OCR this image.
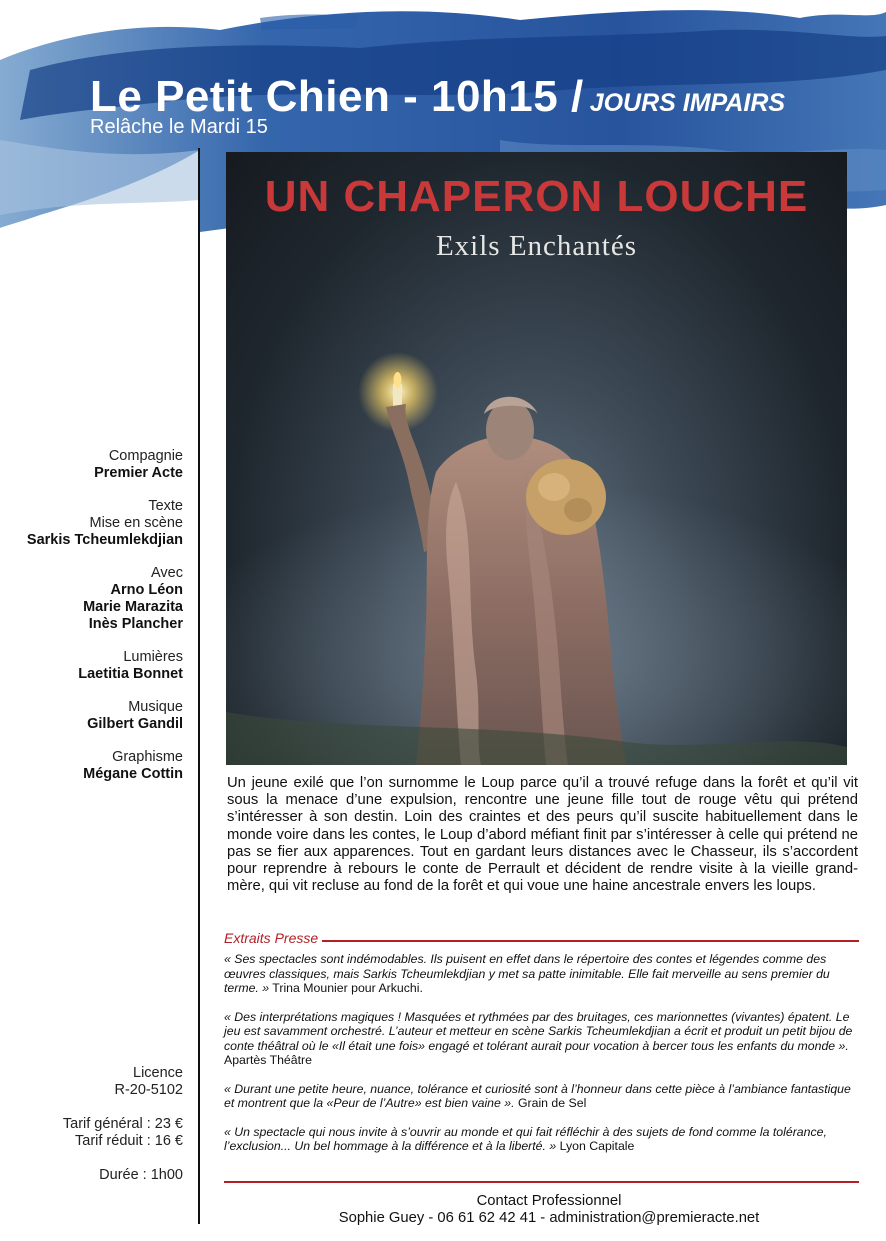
Le Petit Chien - 10h15 / JOURS IMPAIRS
Relâche le Mardi 15
UN CHAPERON LOUCHE
Exils Enchantés
Compagnie
Premier Acte
Texte
Mise en scène
Sarkis Tcheumlekdjian
Avec
Arno Léon
Marie Marazita
Inès Plancher
Lumières
Laetitia Bonnet
Musique
Gilbert Gandil
Graphisme
Mégane Cottin
Licence
R-20-5102
Tarif général : 23 €
Tarif réduit : 16 €
Durée : 1h00
Un jeune exilé que l’on surnomme le Loup parce qu’il a trouvé refuge dans la forêt et qu’il vit sous la menace d’une expulsion, rencontre une jeune fille tout de rouge vêtu qui prétend s’intéresser à son destin. Loin des craintes et des peurs qu’il suscite habituellement dans le monde voire dans les contes, le Loup d’abord méfiant finit par s’intéresser à celle qui prétend ne pas se fier aux apparences. Tout en gardant leurs distances avec le Chasseur, ils s’accordent pour reprendre à rebours le conte de Perrault et décident de rendre visite à la vieille grand-mère, qui vit recluse au fond de la forêt et qui voue une haine ancestrale envers les loups.
Extraits Presse

« Ses spectacles sont indémodables. Ils puisent en effet dans le répertoire des contes et légendes comme des œuvres classiques, mais Sarkis Tcheumlekdjian y met sa patte inimitable. Elle fait merveille au sens premier du terme. » Trina Mounier pour Arkuchi.

« Des interprétations magiques ! Masquées et rythmées par des bruitages, ces marionnettes (vivantes) épatent. Le jeu est savamment orchestré. L’auteur et metteur en scène Sarkis Tcheumlekdjian a écrit et produit un petit bijou de conte théâtral où le «Il était une fois» engagé et tolérant aurait pour vocation à bercer tous les enfants du monde ». Apartès Théâtre

« Durant une petite heure, nuance, tolérance et curiosité sont à l’honneur dans cette pièce à l’ambiance fantastique et montrent que la «Peur de l’Autre» est bien vaine ». Grain de Sel

« Un spectacle qui nous invite à s’ouvrir au monde et qui fait réfléchir à des sujets de fond comme la tolérance, l’exclusion... Un bel hommage à la différence et à la liberté. » Lyon Capitale

Contact Professionnel
Sophie Guey - 06 61 62 42 41 - administration@premieracte.net
